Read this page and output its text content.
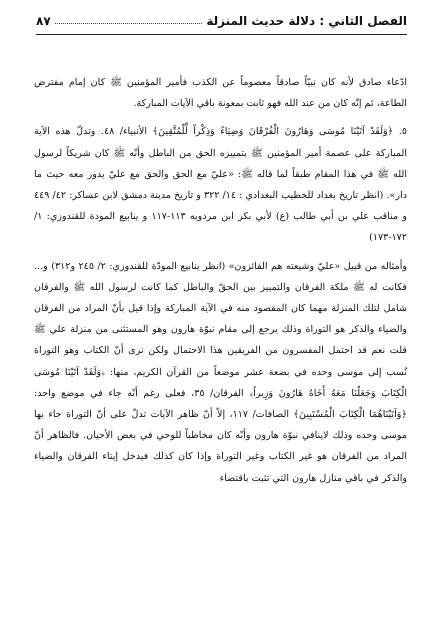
الفصل الثاني : دلالة حديث المنزلة
٨٧

ادّعاء صادق لأنه كان نبيّاً صادقاً معصوماً عن الكذب فأمير المؤمنين ﷺ كان إمام مفترض الطاعة، ثم إنّه كان من عند الله فهو ثابت بمعونة باقي الآيات المباركة.

٥. ﴿وَلَقَدْ آتَيْنَا مُوسَى وَهَارُونَ الْفُرْقَانَ وَضِيَاءً وَذِكْراً لِّلْمُتَّقِينَ﴾ الأنبياء/ ٤٨. وتدلّ هذه الآية المباركة على عصمة أمير المؤمنين ﷺ بتمييزه الحق من الباطل وأنّه ﷺ كان شريكاً لرسول الله ﷺ في هذا المقام طبقاً لما قاله ﷺ: «عليّ مع الحق والحق مع عليّ يدور معه حيث ما دار». (انظر تاريخ بغداد للخطيب البغدادي : ١٤/ ٣٢٢ و تاريخ مدينة دمشق لابن عساكر: ٤٢/ ٤٤٩ و مناقب علي بن أبي طالب (ع) لأبي بكر ابن مردويه ١١٣-١١٧ و ينابيع المودة للقندوزي: ١/ ١٧٢-١٧٣)

وأمثاله من قبيل «عليّ وشيعته هم الفائزون» (انظر ينابيع المودّة للقندوزي: ٢/ ٢٤٥ و٣١٢) و... فكانت له ﷺ ملكة الفرقان والتمييز بين الحقّ والباطل كما كانت لرسول الله ﷺ والفرقان شامل لتلك المنزلة مهما كان المقصود منه في الآية المباركة وإذا قيل بأنّ المراد من الفرقان والضياء والذكر هو التوراة وذلك يرجع إلى مقام نبوّة هارون وهو المستثنى من منزلة علي ﷺ قلت نعم قد احتمل المفسرون من الفريقين هذا الاحتمال ولكن نرى أنّ الكتاب وهو التوراة نُسب إلى موسى وحده في بضعة عشر موضعاً من القرآن الكريم، منها: ﴿وَلَقَدْ آتَيْنَا مُوسَى الْكِتَابَ وَجَعَلْنَا مَعَهُ أَخَاهُ هَارُونَ وَزِيراً﴾ الفرقان/ ٣٥، فعلى رغم أنّه جاء في موضع واحد: ﴿وَآتَيْنَاهُمَا الْكِتَابَ الْمُسْتَبِينَ﴾ الصافات/ ١١٧، إلاّ أنّ ظاهر الآيات تدلّ على أنّ التوراة جاء بها موسى وحده وذلك لاينافي نبوّة هارون وأنّه كان مخاطباً للوحي في بعض الأحيان. فالظاهر أنّ المراد من الفرقان هو غير الكتاب وغير التوراة وإذا كان كذلك فيدخل إيتاء الفرقان والضياء والذكر في باقي منازل هارون التي تثبت باقتضاء
